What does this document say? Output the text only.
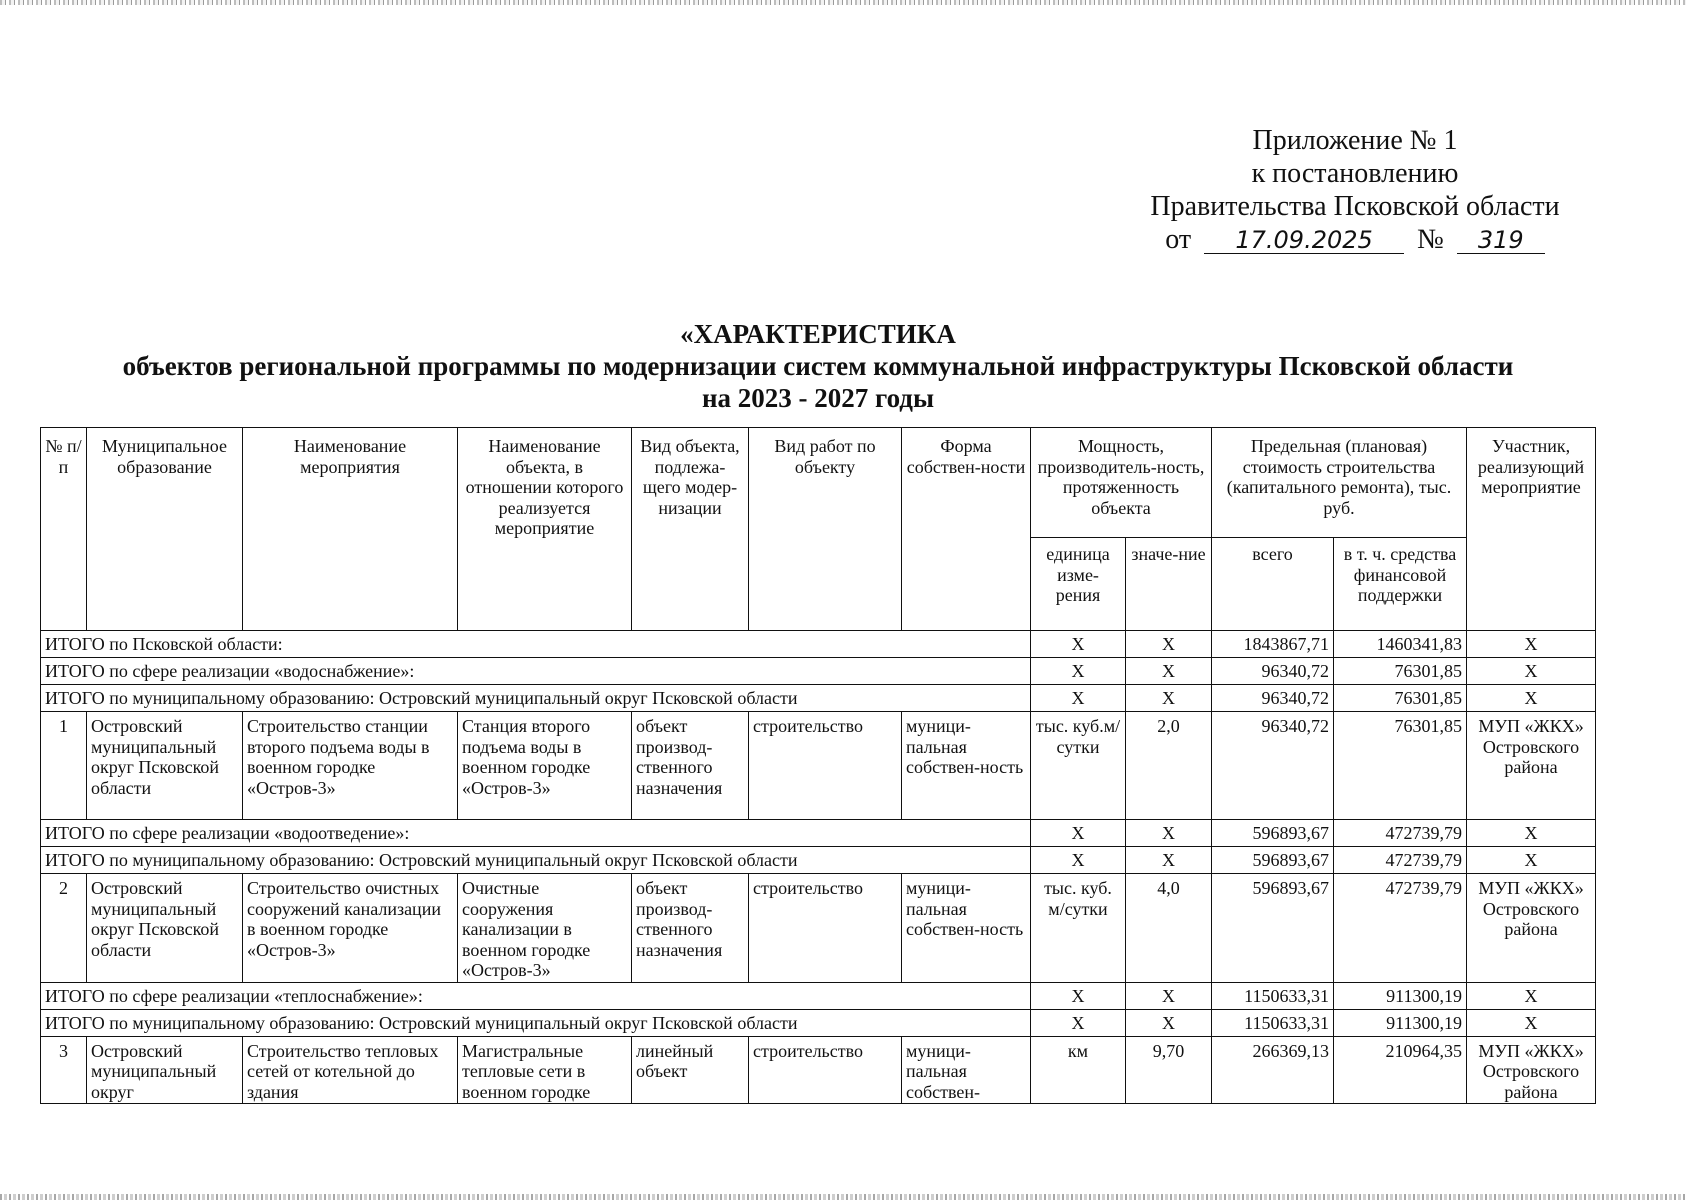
Приложение № 1
к постановлению
Правительства Псковской области
от 17.09.2025 № 319
«ХАРАКТЕРИСТИКА
объектов региональной программы по модернизации систем коммунальной инфраструктуры Псковской области
на 2023 - 2027 годы
№ п/п	Муниципальное образование	Наименование мероприятия	Наименование объекта, в отношении которого реализуется мероприятие	Вид объекта, подлежа-щего модер-низации	Вид работ по объекту	Форма собствен-ности	Мощность, производитель-ность, протяженность объекта		Предельная (плановая) стоимость строительства (капитального ремонта), тыс. руб.		Участник, реализующий мероприятие
							единица изме-рения	значе-ние	всего	в т. ч. средства финансовой поддержки	
ИТОГО по Псковской области:							X	X	1843867,71	1460341,83	X
ИТОГО по сфере реализации «водоснабжение»:							X	X	96340,72	76301,85	X
ИТОГО по муниципальному образованию: Островский муниципальный округ Псковской области							X	X	96340,72	76301,85	X
1	Островский муниципальный округ Псковской области	Строительство станции второго подъема воды в военном городке «Остров-3»	Станция второго подъема воды в военном городке «Остров-3»	объект производ-ственного назначения	строительство	муници-пальная собствен-ность	тыс. куб.м/ сутки	2,0	96340,72	76301,85	МУП «ЖКХ» Островского района
ИТОГО по сфере реализации «водоотведение»:							X	X	596893,67	472739,79	X
ИТОГО по муниципальному образованию: Островский муниципальный округ Псковской области							X	X	596893,67	472739,79	X
2	Островский муниципальный округ Псковской области	Строительство очистных сооружений канализации в военном городке «Остров-3»	Очистные сооружения канализации в военном городке «Остров-3»	объект производ-ственного назначения	строительство	муници-пальная собствен-ность	тыс. куб. м/сутки	4,0	596893,67	472739,79	МУП «ЖКХ» Островского района
ИТОГО по сфере реализации «теплоснабжение»:							X	X	1150633,31	911300,19	X
ИТОГО по муниципальному образованию: Островский муниципальный округ Псковской области							X	X	1150633,31	911300,19	X
3	Островский муниципальный округ	Строительство тепловых сетей от котельной до здания	Магистральные тепловые сети в военном городке	линейный объект	строительство	муници-пальная собствен-	км	9,70	266369,13	210964,35	МУП «ЖКХ» Островского района
